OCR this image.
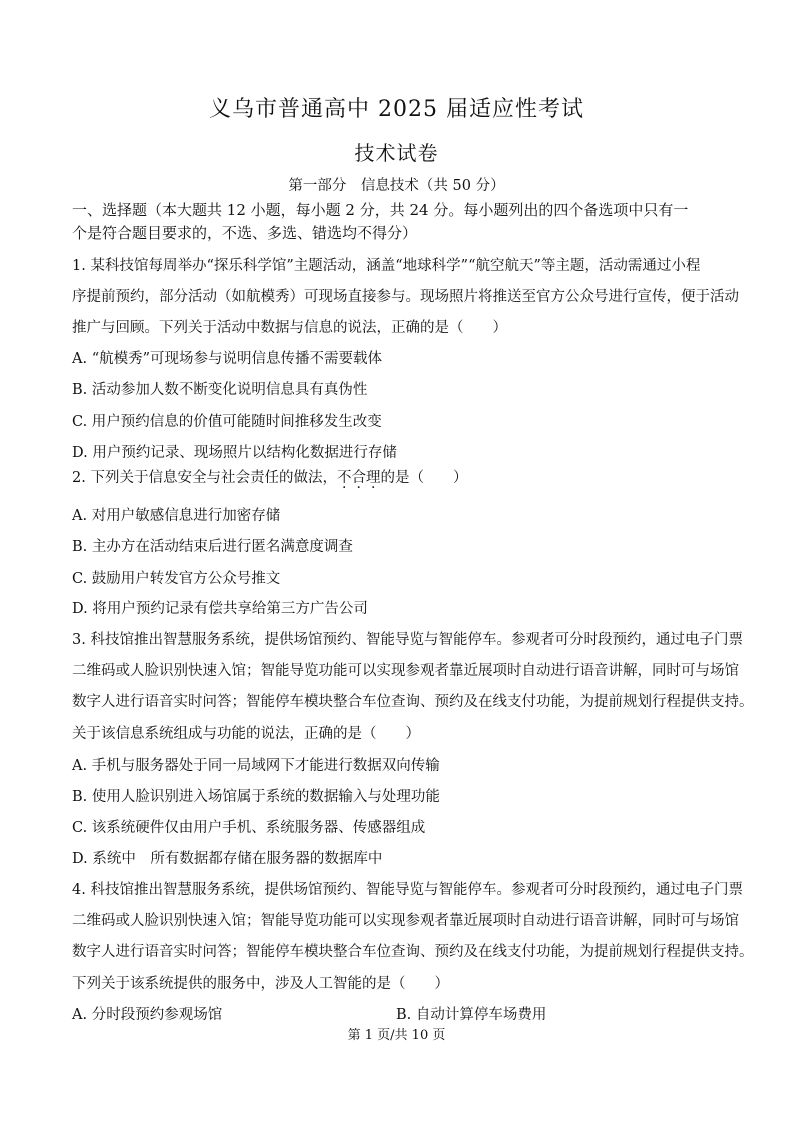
义乌市普通高中 2025 届适应性考试
技术试卷
第一部分　信息技术（共 50 分）
一、选择题（本大题共 12 小题，每小题 2 分，共 24 分。每小题列出的四个备选项中只有一
个是符合题目要求的，不选、多选、错选均不得分）
1. 某科技馆每周举办“探乐科学馆”主题活动，涵盖“地球科学”“航空航天”等主题，活动需通过小程
序提前预约，部分活动（如航模秀）可现场直接参与。现场照片将推送至官方公众号进行宣传，便于活动
推广与回顾。下列关于活动中数据与信息的说法，正确的是（　　）
A. “航模秀”可现场参与说明信息传播不需要载体
B. 活动参加人数不断变化说明信息具有真伪性
C. 用户预约信息的价值可能随时间推移发生改变
D. 用户预约记录、现场照片以结构化数据进行存储
2. 下列关于信息安全与社会责任的做法，不合理的是（　　）
A. 对用户敏感信息进行加密存储
B. 主办方在活动结束后进行匿名满意度调查
C. 鼓励用户转发官方公众号推文
D. 将用户预约记录有偿共享给第三方广告公司
3. 科技馆推出智慧服务系统，提供场馆预约、智能导览与智能停车。参观者可分时段预约，通过电子门票
二维码或人脸识别快速入馆；智能导览功能可以实现参观者靠近展项时自动进行语音讲解，同时可与场馆
数字人进行语音实时问答；智能停车模块整合车位查询、预约及在线支付功能，为提前规划行程提供支持。
关于该信息系统组成与功能的说法，正确的是（　　）
A. 手机与服务器处于同一局域网下才能进行数据双向传输
B. 使用人脸识别进入场馆属于系统的数据输入与处理功能
C. 该系统硬件仅由用户手机、系统服务器、传感器组成
D. 系统中　所有数据都存储在服务器的数据库中
4. 科技馆推出智慧服务系统，提供场馆预约、智能导览与智能停车。参观者可分时段预约，通过电子门票
二维码或人脸识别快速入馆；智能导览功能可以实现参观者靠近展项时自动进行语音讲解，同时可与场馆
数字人进行语音实时问答；智能停车模块整合车位查询、预约及在线支付功能，为提前规划行程提供支持。
下列关于该系统提供的服务中，涉及人工智能的是（　　）
A. 分时段预约参观场馆	B. 自动计算停车场费用
第 1 页/共 10 页
